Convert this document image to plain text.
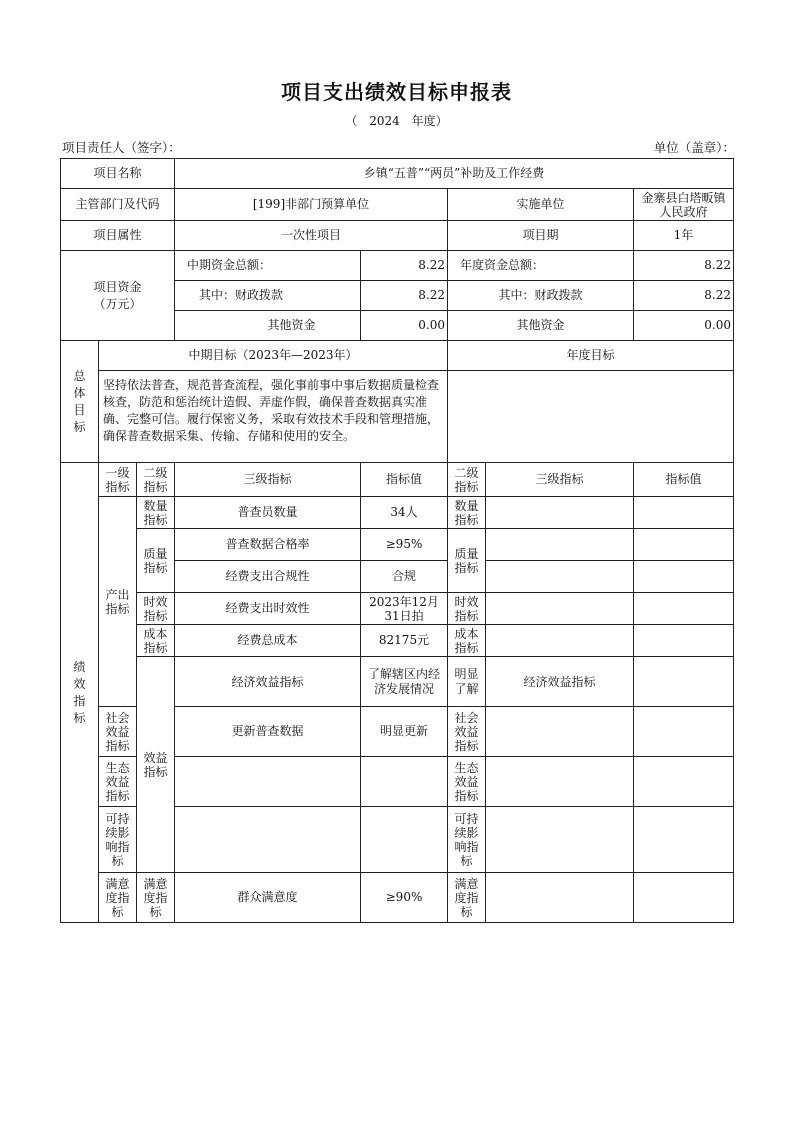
项目支出绩效目标申报表
（ 2024 年度）
项目责任人（签字）：	单位（盖章）：
项目名称			乡镇“五普”“两员”补助及工作经费					
主管部门及代码			[199]非部门预算单位		实施单位		金寨县白塔畈镇人民政府	
项目属性			一次性项目		项目期		1年	

项目资金（万元）			中期资金总额：	8.22	年度资金总额：		8.22	
			其中：财政拨款	8.22	其中：财政拨款		8.22	
			其他资金	0.00	其他资金		0.00	

总体目标	中期目标（2023年—2023年）				年度目标			
	坚持依法普查，规范普查流程，强化事前事中事后数据质量检查核查，防范和惩治统计造假、弄虚作假，确保普查数据真实准确、完整可信。履行保密义务，采取有效技术手段和管理措施，确保普查数据采集、传输、存储和使用的安全。							

绩效指标	一级指标	二级指标	三级指标	指标值	二级指标	三级指标	指标值	
	产出指标	数量指标	普查员数量	34人	数量指标			
		质量指标	普查数据合格率	≥95%	质量指标			
			经费支出合规性	合规				
		时效指标	经费支出时效性	2023年12月31日拍	时效指标			
		成本指标	经费总成本	82175元	成本指标			
		效益指标	经济效益指标	了解辖区内经济发展情况	明显了解	经济效益指标		
	社会效益指标		更新普查数据	明显更新	社会效益指标			
	生态效益指标				生态效益指标			
	可持续影响指标				可持续影响指标			
	满意度指标	满意度指标	群众满意度	≥90%	满意度指标			
